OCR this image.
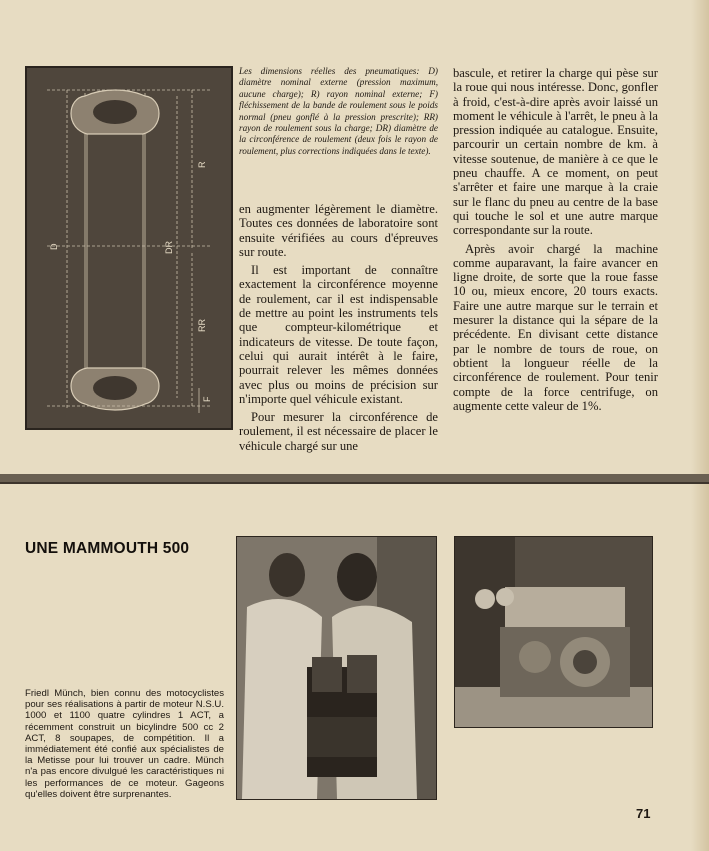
D	DR
R
RR
F
Les dimensions réelles des pneumatiques: D) diamètre nominal externe (pression maximum, aucune charge); R) rayon nominal externe; F) fléchissement de la bande de roulement sous le poids normal (pneu gonflé à la pression prescrite); RR) rayon de roulement sous la charge; DR) diamètre de la circonférence de roulement (deux fois le rayon de roulement, plus corrections indiquées dans le texte).

en augmenter légèrement le diamètre. Toutes ces données de laboratoire sont ensuite vérifiées au cours d'épreuves sur route.

Il est important de connaître exactement la circonférence moyenne de roulement, car il est indispensable de mettre au point les instruments tels que compteur-kilométrique et indicateurs de vitesse. De toute façon, celui qui aurait intérêt à le faire, pourrait relever les mêmes données avec plus ou moins de précision sur n'importe quel véhicule existant.

Pour mesurer la circonférence de roulement, il est nécessaire de placer le véhicule chargé sur une

bascule, et retirer la charge qui pèse sur la roue qui nous intéresse. Donc, gonfler à froid, c'est-à-dire après avoir laissé un moment le véhicule à l'arrêt, le pneu à la pression indiquée au catalogue. Ensuite, parcourir un certain nombre de km. à vitesse soutenue, de manière à ce que le pneu chauffe. A ce moment, on peut s'arrêter et faire une marque à la craie sur le flanc du pneu au centre de la base qui touche le sol et une autre marque correspondante sur la route.

Après avoir chargé la machine comme auparavant, la faire avancer en ligne droite, de sorte que la roue fasse 10 ou, mieux encore, 20 tours exacts. Faire une autre marque sur le terrain et mesurer la distance qui la sépare de la précédente. En divisant cette distance par le nombre de tours de roue, on obtient la longueur réelle de la circonférence de roulement. Pour tenir compte de la force centrifuge, on augmente cette valeur de 1%.

UNE MAMMOUTH 500
Friedl Münch, bien connu des motocyclistes pour ses réalisations à partir de moteur N.S.U. 1000 et 1100 quatre cylindres 1 ACT, a récemment construit un bicylindre 500 cc 2 ACT, 8 soupapes, de compétition. Il a immédiatement été confié aux spécialistes de la Metisse pour lui trouver un cadre. Münch n'a pas encore divulgué les caractéristiques ni les performances de ce moteur. Gageons qu'elles doivent être surprenantes.
71
